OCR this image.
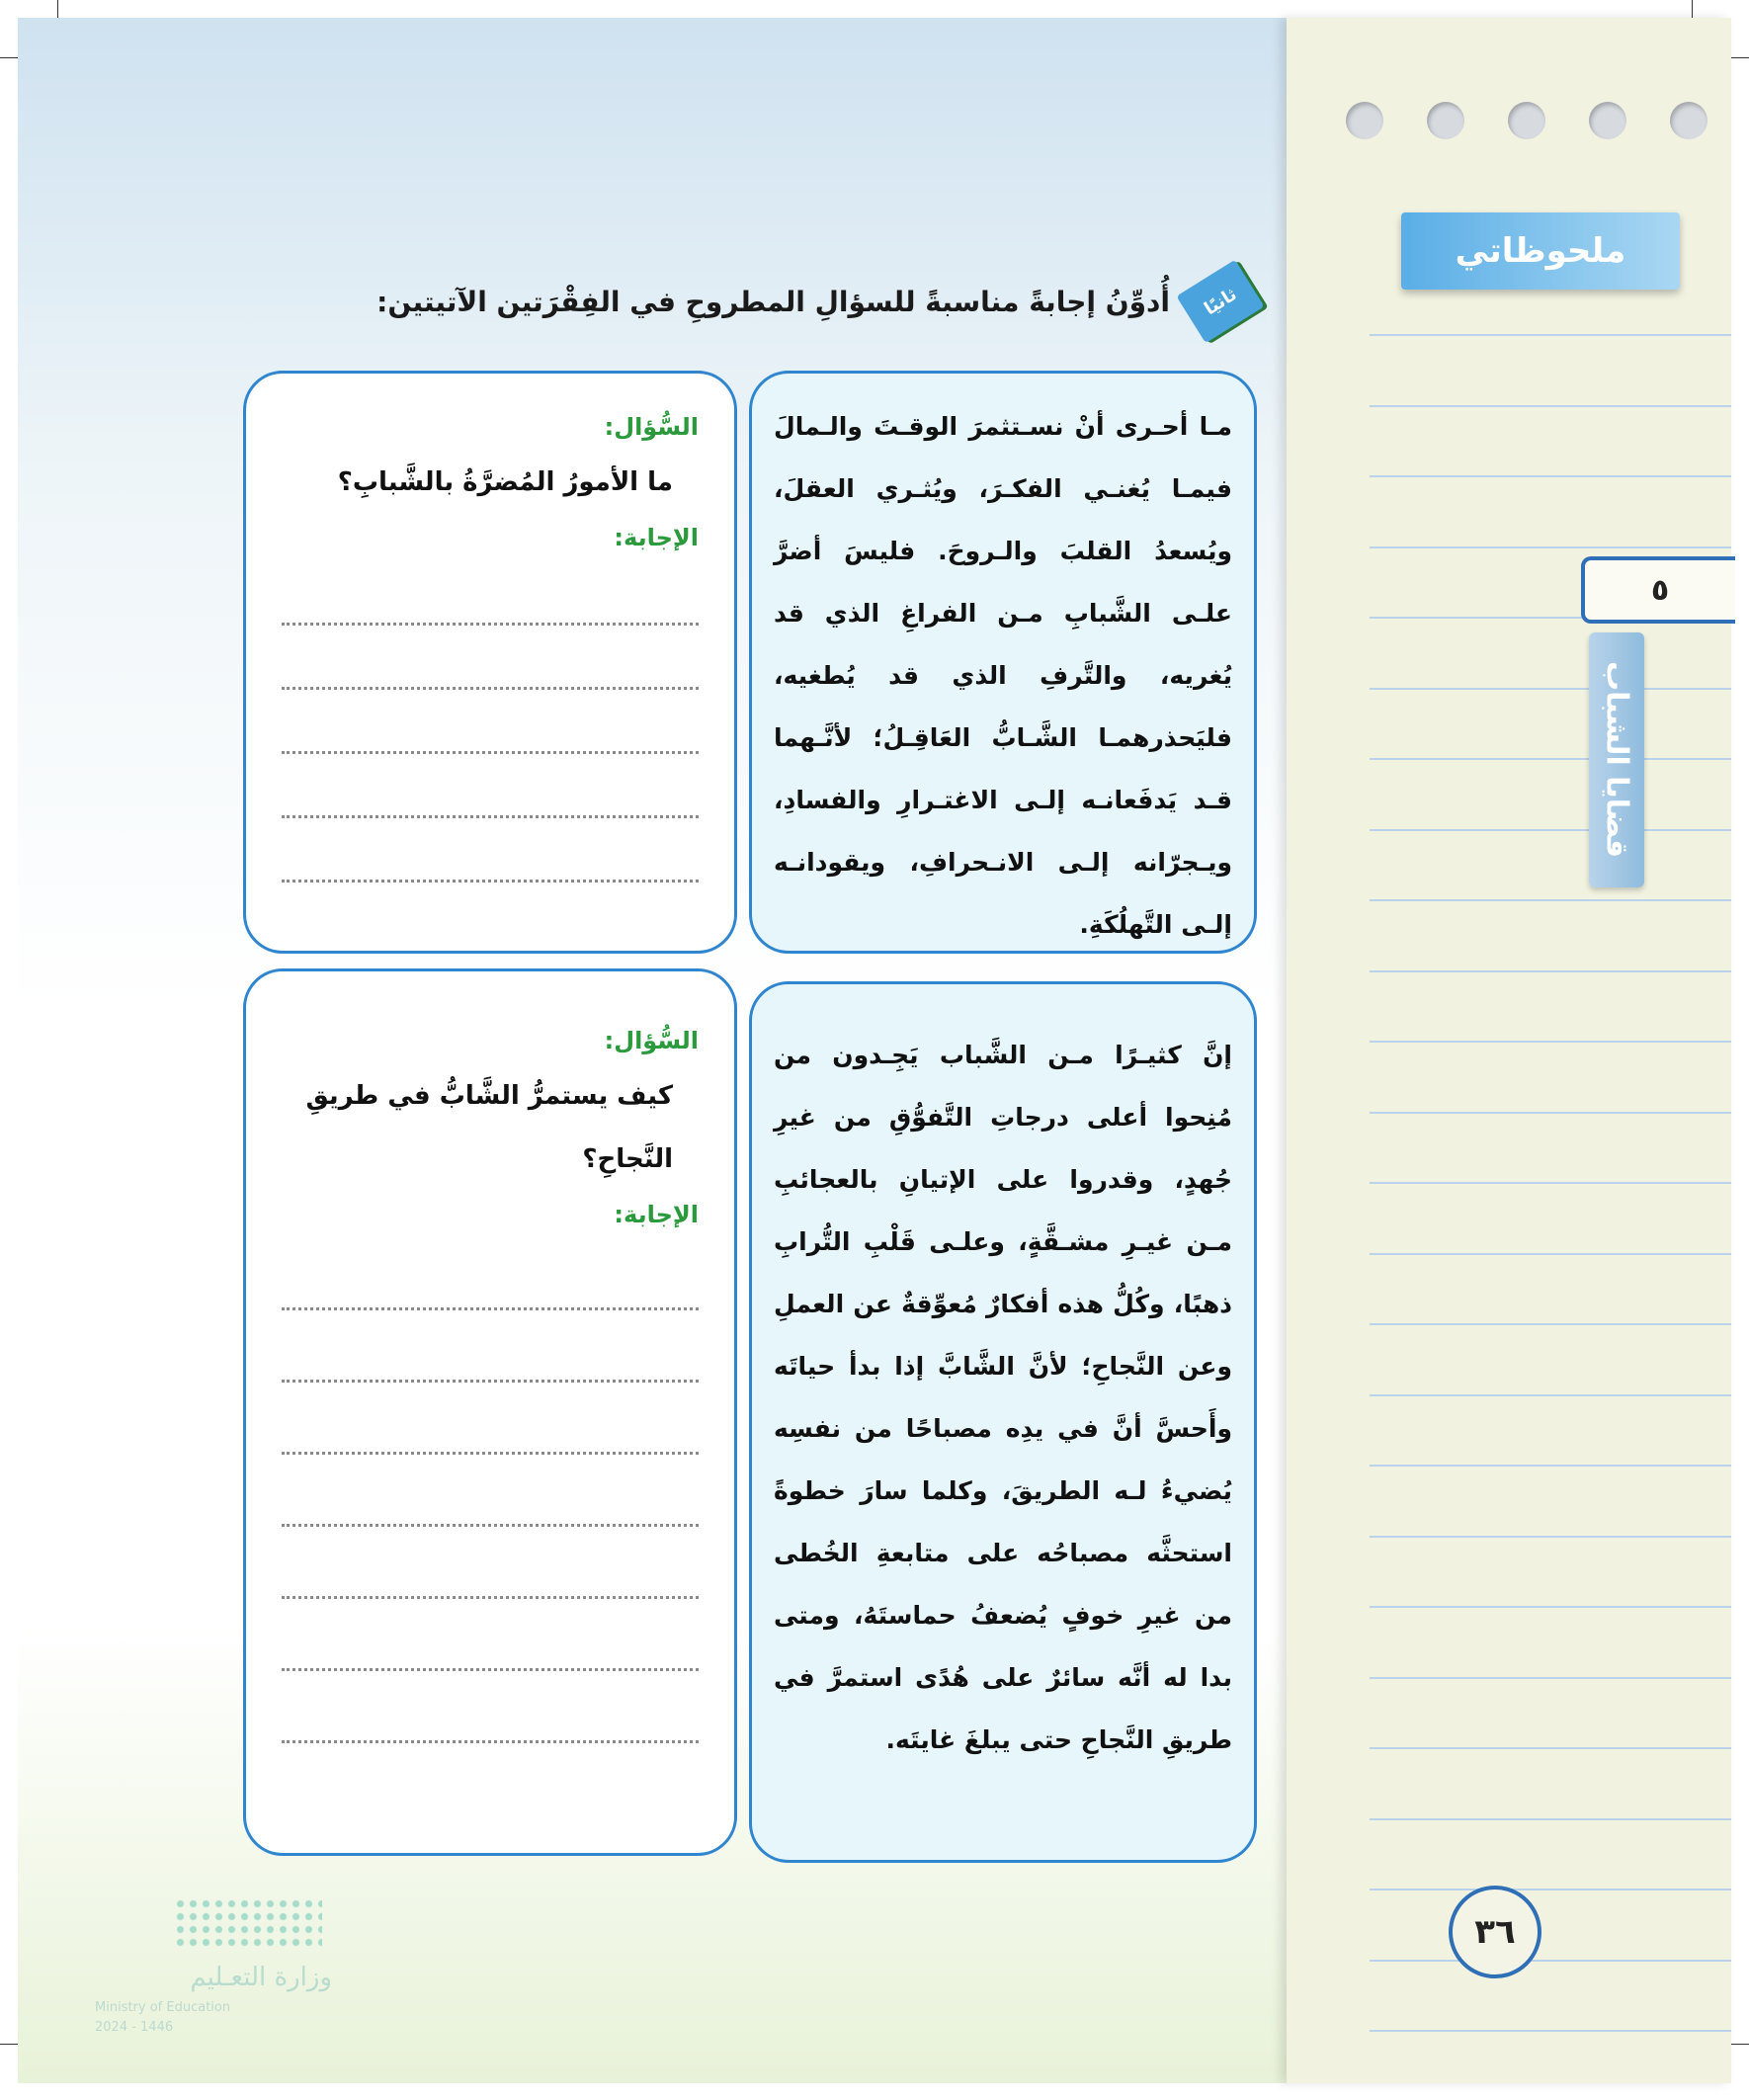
ملحوظاتي
٥
قضايا الشباب
٣٦
ثانيًا
أُدوِّنُ إجابةً مناسبةً للسؤالِ المطروحِ في الفِقْرَتين الآتيتين:
مـا أحـرى أنْ نسـتثمرَ الوقـتَ والـمالَ فيمـا يُغنـي الفكـرَ، ويُثـري العقلَ، ويُسعدُ القلبَ والـروحَ. فليسَ أضرَّ علـى الشَّبابِ مـن الفراغِ الذي قد يُغريه، والتَّرفِ الذي قد يُطغيه، فليَحذرهمـا الشَّـابُّ العَاقِـلُ؛ لأنَّـهما قـد يَدفَعانـه إلـى الاغتـرارِ والفسادِ، ويـجرّانه إلـى الانـحرافِ، ويقودانـه إلـى التَّهلُكَةِ.
إنَّ كثيـرًا مـن الشَّباب يَجِـدون من مُنِحوا أعلى درجاتِ التَّفوُّقِ من غيرِ جُهدٍ، وقدروا على الإتيانِ بالعجائبِ مـن غيـرِ مشـقَّةٍ، وعلـى قَلْبِ التُّرابِ ذهبًا، وكُلُّ هذه أفكارٌ مُعوِّقةٌ عن العملِ وعن النَّجاحِ؛ لأنَّ الشَّابَّ إذا بدأ حياتَه وأَحسَّ أنَّ في يدِه مصباحًا من نفسِه يُضيءُ لـه الطريقَ، وكلما سارَ خطوةً استحثَّه مصباحُه على متابعةِ الخُطى من غيرِ خوفٍ يُضعفُ حماستَهُ، ومتى بدا له أنَّه سائرٌ على هُدًى استمرَّ في طريقِ النَّجاحِ حتى يبلغَ غايتَه.
السُّؤال:
ما الأمورُ المُضرَّةُ بالشَّبابِ؟
الإجابة:
السُّؤال:
كيف يستمرُّ الشَّابُّ في طريقِ النَّجاحِ؟
الإجابة:
وزارة التعـليم
Ministry of Education
2024 - 1446
